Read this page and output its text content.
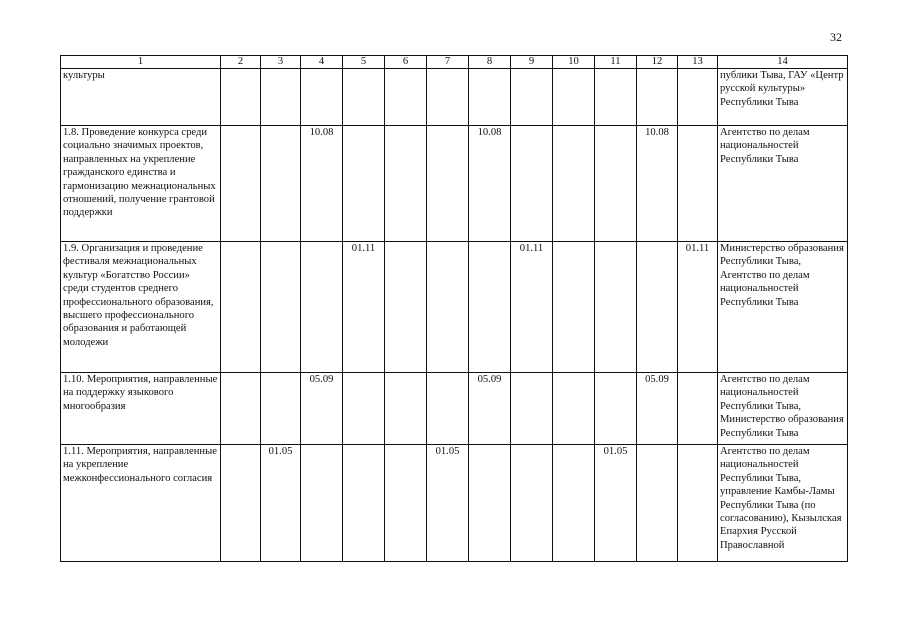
32
1	2	3	4	5	6	7	8	9	10	11	12	13	14
культуры													публики Тыва, ГАУ «Центр русской культуры» Республики Тыва
1.8. Проведение конкурса среди социально значимых проектов, направленных на укрепление гражданского единства и гармонизацию межнациональных отношений, получение грантовой поддержки			10.08				10.08				10.08		Агентство по делам национальностей Республики Тыва
1.9. Организация и проведение фестиваля межнациональных культур «Богатство России» среди студентов среднего профессионального образования, высшего профессионального образования и работающей молодежи				01.11				01.11				01.11	Министерство образования Республики Тыва, Агентство по делам национальностей Республики Тыва
1.10. Мероприятия, направленные на поддержку языкового многообразия			05.09				05.09				05.09		Агентство по делам национальностей Республики Тыва, Министерство образования Республики Тыва
1.11. Мероприятия, направленные на укрепление межконфессионального согласия		01.05				01.05				01.05			Агентство по делам национальностей Республики Тыва, управление Камбы-Ламы Республики Тыва (по согласованию), Кызылская Епархия Русской Православной
